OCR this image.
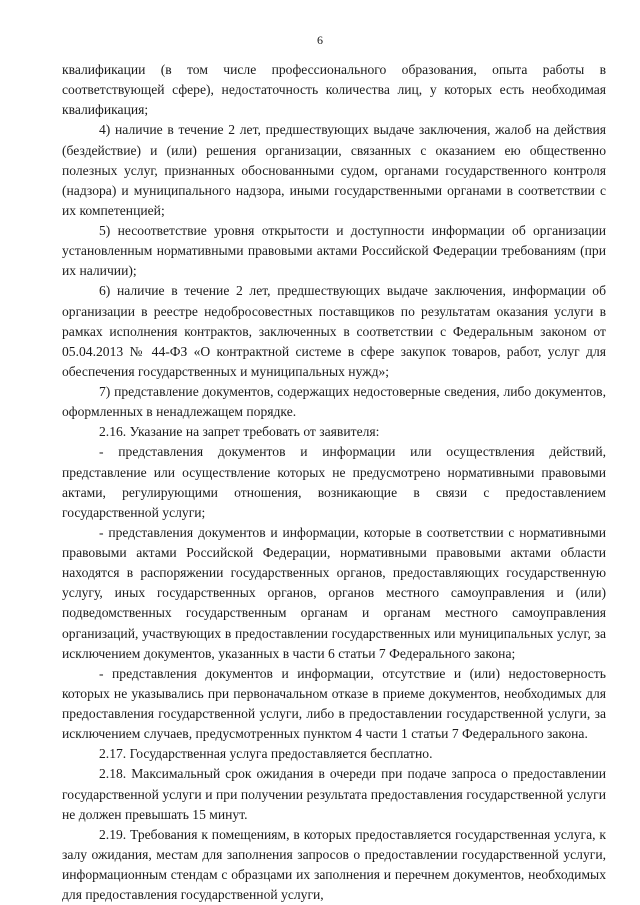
6

квалификации (в том числе профессионального образования, опыта работы в соответствующей сфере), недостаточность количества лиц, у которых есть необходимая квалификация;

4) наличие в течение 2 лет, предшествующих выдаче заключения, жалоб на действия (бездействие) и (или) решения организации, связанных с оказанием ею общественно полезных услуг, признанных обоснованными судом, органами государственного контроля (надзора) и муниципального надзора, иными государственными органами в соответствии с их компетенцией;

5) несоответствие уровня открытости и доступности информации об организации установленным нормативными правовыми актами Российской Федерации требованиям (при их наличии);

6) наличие в течение 2 лет, предшествующих выдаче заключения, информации об организации в реестре недобросовестных поставщиков по результатам оказания услуги в рамках исполнения контрактов, заключенных в соответствии с Федеральным законом от 05.04.2013 № 44-ФЗ «О контрактной системе в сфере закупок товаров, работ, услуг для обеспечения государственных и муниципальных нужд»;

7) представление документов, содержащих недостоверные сведения, либо документов, оформленных в ненадлежащем порядке.

2.16. Указание на запрет требовать от заявителя:

- представления документов и информации или осуществления действий, представление или осуществление которых не предусмотрено нормативными правовыми актами, регулирующими отношения, возникающие в связи с предоставлением государственной услуги;

- представления документов и информации, которые в соответствии с нормативными правовыми актами Российской Федерации, нормативными правовыми актами области находятся в распоряжении государственных органов, предоставляющих государственную услугу, иных государственных органов, органов местного самоуправления и (или) подведомственных государственным органам и органам местного самоуправления организаций, участвующих в предоставлении государственных или муниципальных услуг, за исключением документов, указанных в части 6 статьи 7 Федерального закона;

- представления документов и информации, отсутствие и (или) недостоверность которых не указывались при первоначальном отказе в приеме документов, необходимых для предоставления государственной услуги, либо в предоставлении государственной услуги, за исключением случаев, предусмотренных пунктом 4 части 1 статьи 7 Федерального закона.

2.17. Государственная услуга предоставляется бесплатно.

2.18. Максимальный срок ожидания в очереди при подаче запроса о предоставлении государственной услуги и при получении результата предоставления государственной услуги не должен превышать 15 минут.

2.19. Требования к помещениям, в которых предоставляется государственная услуга, к залу ожидания, местам для заполнения запросов о предоставлении государственной услуги, информационным стендам с образцами их заполнения и перечнем документов, необходимых для предоставления государственной услуги,
